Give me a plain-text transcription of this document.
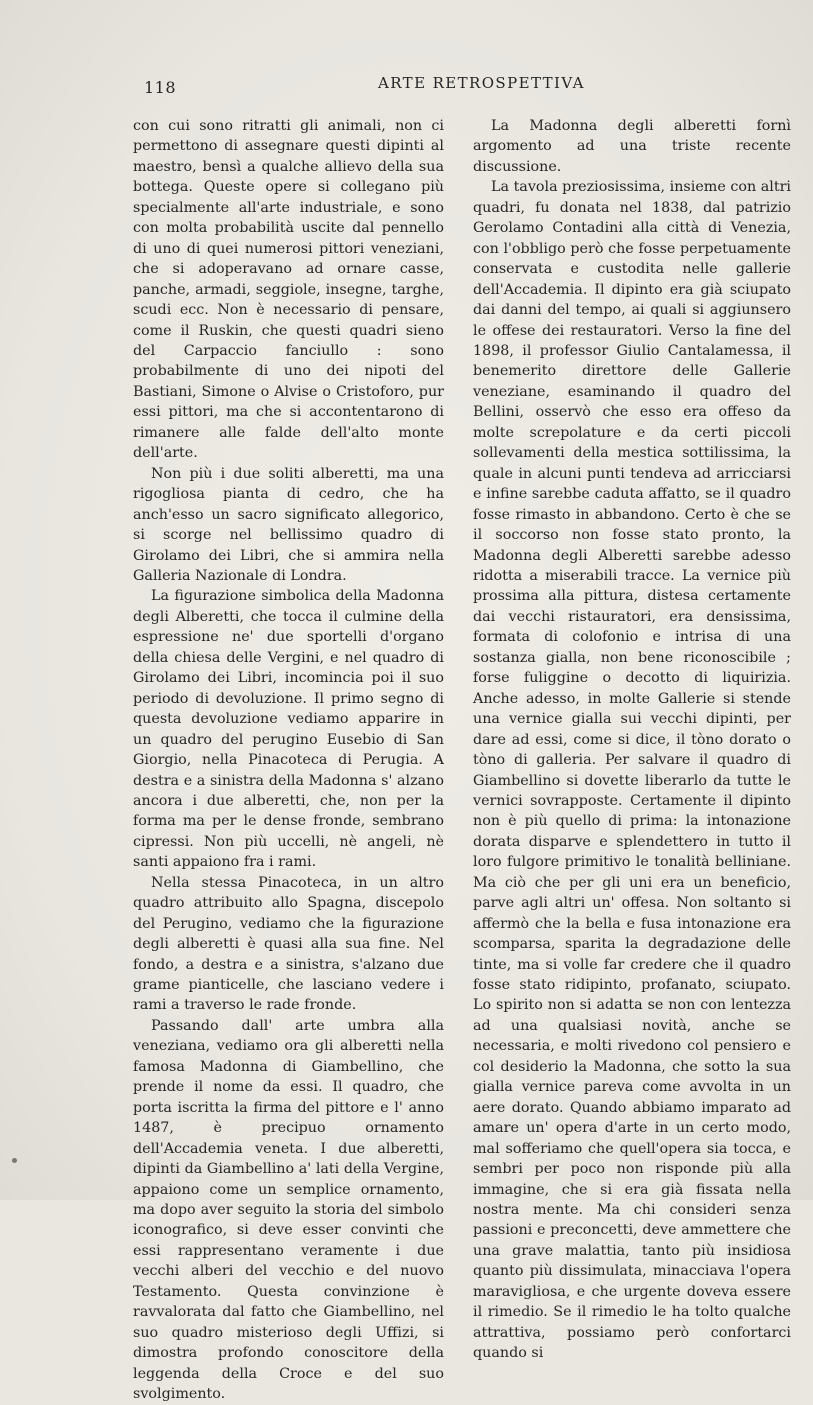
118	ARTE RETROSPETTIVA

con cui sono ritratti gli animali, non ci permettono di assegnare questi dipinti al maestro, bensì a qualche allievo della sua bottega. Queste opere si collegano più specialmente all'arte industriale, e sono con molta probabilità uscite dal pennello di uno di quei numerosi pittori veneziani, che si adoperavano ad ornare casse, panche, armadi, seggiole, insegne, targhe, scudi ecc. Non è necessario di pensare, come il Ruskin, che questi quadri sieno del Carpaccio fanciullo : sono probabilmente di uno dei nipoti del Bastiani, Simone o Alvise o Cristoforo, pur essi pittori, ma che si accontentarono di rimanere alle falde dell'alto monte dell'arte.

Non più i due soliti alberetti, ma una rigogliosa pianta di cedro, che ha anch'esso un sacro significato allegorico, si scorge nel bellissimo quadro di Girolamo dei Libri, che si ammira nella Galleria Nazionale di Londra.

La figurazione simbolica della Madonna degli Alberetti, che tocca il culmine della espressione ne' due sportelli d'organo della chiesa delle Vergini, e nel quadro di Girolamo dei Libri, incomincia poi il suo periodo di devoluzione. Il primo segno di questa devoluzione vediamo apparire in un quadro del perugino Eusebio di San Giorgio, nella Pinacoteca di Perugia. A destra e a sinistra della Madonna s' alzano ancora i due alberetti, che, non per la forma ma per le dense fronde, sembrano cipressi. Non più uccelli, nè angeli, nè santi appaiono fra i rami.

Nella stessa Pinacoteca, in un altro quadro attribuito allo Spagna, discepolo del Perugino, vediamo che la figurazione degli alberetti è quasi alla sua fine. Nel fondo, a destra e a sinistra, s'alzano due grame pianticelle, che lasciano vedere i rami a traverso le rade fronde.

Passando dall' arte umbra alla veneziana, vediamo ora gli alberetti nella famosa Madonna di Giambellino, che prende il nome da essi. Il quadro, che porta iscritta la firma del pittore e l' anno 1487, è precipuo ornamento dell'Accademia veneta. I due alberetti, dipinti da Giambellino a' lati della Vergine, appaiono come un semplice ornamento, ma dopo aver seguito la storia del simbolo iconografico, si deve esser convinti che essi rappresentano veramente i due vecchi alberi del vecchio e del nuovo Testamento. Questa convinzione è ravvalorata dal fatto che Giambellino, nel suo quadro misterioso degli Uffizi, si dimostra profondo conoscitore della leggenda della Croce e del suo svolgimento.

La Madonna degli alberetti fornì argomento ad una triste recente discussione.

La tavola preziosissima, insieme con altri quadri, fu donata nel 1838, dal patrizio Gerolamo Contadini alla città di Venezia, con l'obbligo però che fosse perpetuamente conservata e custodita nelle gallerie dell'Accademia. Il dipinto era già sciupato dai danni del tempo, ai quali si aggiunsero le offese dei restauratori. Verso la fine del 1898, il professor Giulio Cantalamessa, il benemerito direttore delle Gallerie veneziane, esaminando il quadro del Bellini, osservò che esso era offeso da molte screpolature e da certi piccoli sollevamenti della mestica sottilissima, la quale in alcuni punti tendeva ad arricciarsi e infine sarebbe caduta affatto, se il quadro fosse rimasto in abbandono. Certo è che se il soccorso non fosse stato pronto, la Madonna degli Alberetti sarebbe adesso ridotta a miserabili tracce. La vernice più prossima alla pittura, distesa certamente dai vecchi ristauratori, era densissima, formata di colofonio e intrisa di una sostanza gialla, non bene riconoscibile ; forse fuliggine o decotto di liquirizia. Anche adesso, in molte Gallerie si stende una vernice gialla sui vecchi dipinti, per dare ad essi, come si dice, il tòno dorato o tòno di galleria. Per salvare il quadro di Giambellino si dovette liberarlo da tutte le vernici sovrapposte. Certamente il dipinto non è più quello di prima: la intonazione dorata disparve e splendettero in tutto il loro fulgore primitivo le tonalità belliniane. Ma ciò che per gli uni era un beneficio, parve agli altri un' offesa. Non soltanto si affermò che la bella e fusa intonazione era scomparsa, sparita la degradazione delle tinte, ma si volle far credere che il quadro fosse stato ridipinto, profanato, sciupato. Lo spirito non si adatta se non con lentezza ad una qualsiasi novità, anche se necessaria, e molti rivedono col pensiero e col desiderio la Madonna, che sotto la sua gialla vernice pareva come avvolta in un aere dorato. Quando abbiamo imparato ad amare un' opera d'arte in un certo modo, mal sofferiamo che quell'opera sia tocca, e sembri per poco non risponde più alla immagine, che si era già fissata nella nostra mente. Ma chi consideri senza passioni e preconcetti, deve ammettere che una grave malattia, tanto più insidiosa quanto più dissimulata, minacciava l'opera maravigliosa, e che urgente doveva essere il rimedio. Se il rimedio le ha tolto qualche attrattiva, possiamo però confortarci quando si
